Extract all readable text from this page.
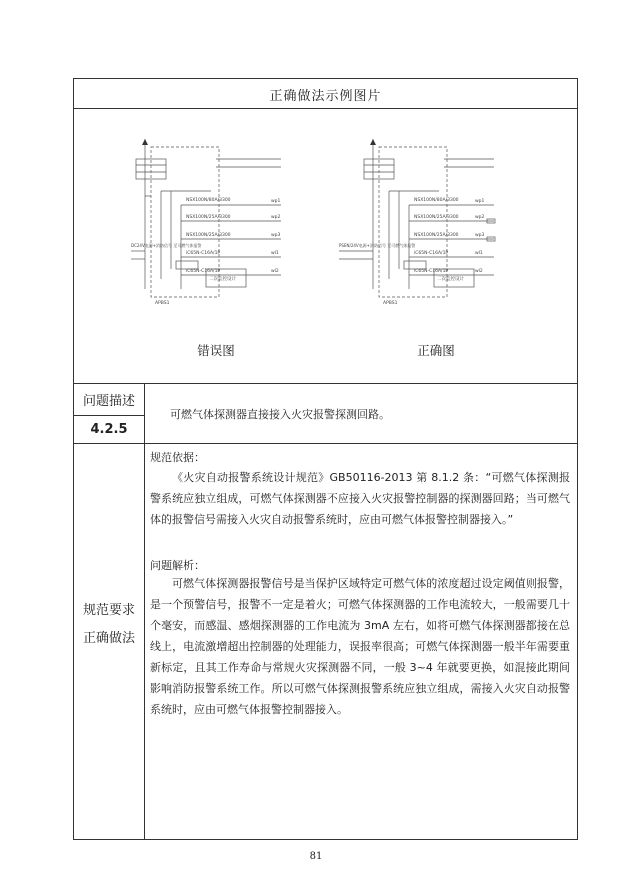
正确做法示例图片
NSX100N/80A/3300
NSX100N/25A/3300
NSX100N/25A/3300
iC65N-C16A/1P
iC65N-C16A/1P
wp1
wp2
wp3
wl1
wl2
DC24V电源+消防信号 至可燃气体报警
二次监控设计
APBS1
NSX100N/80A/3300
NSX100N/25A/3300
NSX100N/25A/3300
iC65N-C16A/1P
iC65N-C16A/1P
wp1
wp2
wp3
wl1
wl2
PSEN/24V电源+消防信号 至可燃气体报警
二次监控设计
APBS1
错误图	正确图
问题描述
4.2.5
可燃气体探测器直接接入火灾报警探测回路。
规范要求
正确做法
规范依据：
《火灾自动报警系统设计规范》GB50116-2013 第 8.1.2 条：“可燃气体探测报警系统应独立组成，可燃气体探测器不应接入火灾报警控制器的探测器回路；当可燃气体的报警信号需接入火灾自动报警系统时，应由可燃气体报警控制器接入。”
问题解析：
可燃气体探测器报警信号是当保护区域特定可燃气体的浓度超过设定阈值则报警，是一个预警信号，报警不一定是着火；可燃气体探测器的工作电流较大，一般需要几十个毫安，而感温、感烟探测器的工作电流为 3mA 左右，如将可燃气体探测器都接在总线上，电流激增超出控制器的处理能力，误报率很高；可燃气体探测器一般半年需要重新标定，且其工作寿命与常规火灾探测器不同，一般 3~4 年就要更换，如混接此期间影响消防报警系统工作。所以可燃气体探测报警系统应独立组成，需接入火灾自动报警系统时，应由可燃气体报警控制器接入。
81
